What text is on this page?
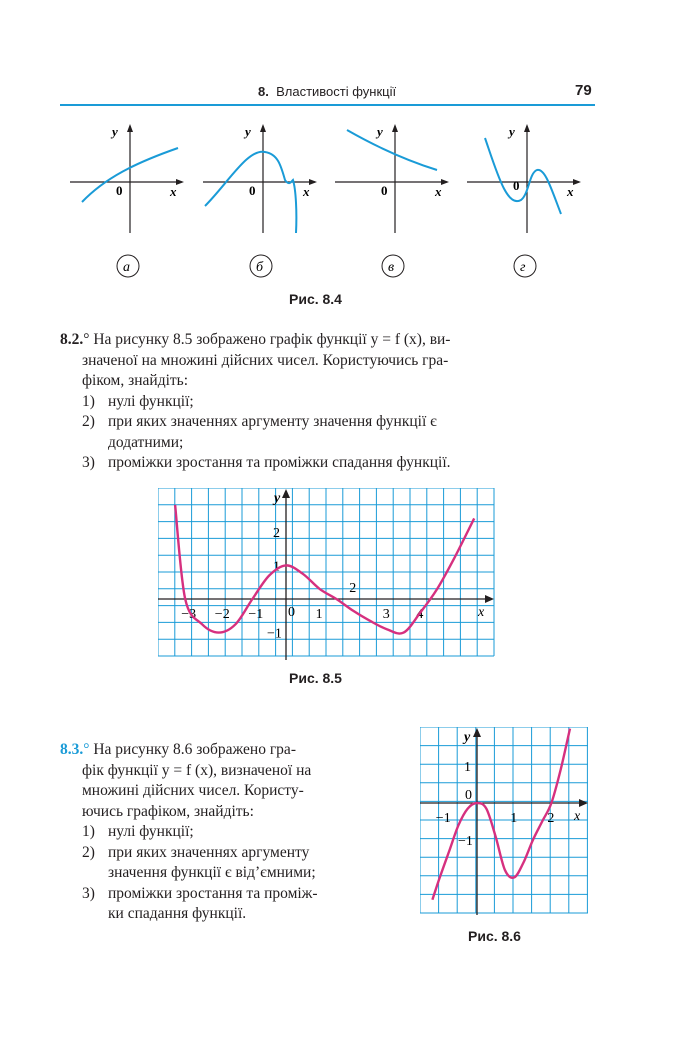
8. Властивості функції	79
y
x
0
а
y
x
0
б
y
x
0
в
y
x
0
г
Рис. 8.4
8.2.° На рисунку 8.5 зображено графік функції y = f (x), ви-
значеної на множині дійсних чисел. Користуючись гра-
фіком, знайдіть:
1) нулі функції;
2) при яких значеннях аргументу значення функції є
додатними;
3) проміжки зростання та проміжки спадання функції.
−3 −2 −1 0 1
2
3 4
2
1
−1
x
y
Рис. 8.5
8.3.° На рисунку 8.6 зображено гра-
фік функції y = f (x), визначеної на
множині дійсних чисел. Користу-
ючись графіком, знайдіть:
1) нулі функції;
2) при яких значеннях аргументу
значення функції є від’ємними;
3) проміжки зростання та проміж-
ки спадання функції.
−1
0
1 2
1
−1
x
y
Рис. 8.6
